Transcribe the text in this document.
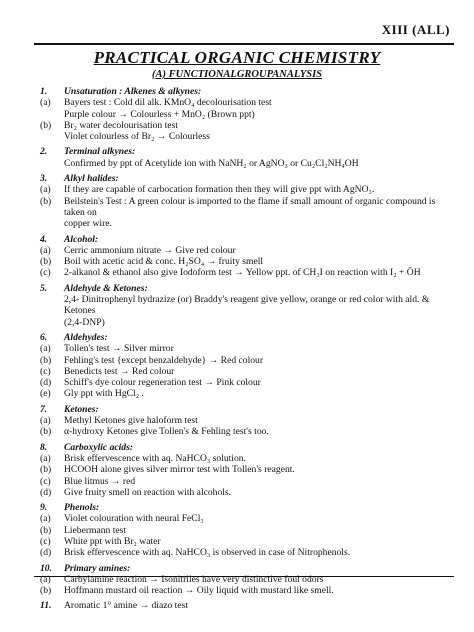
XIII (ALL)
PRACTICAL ORGANIC CHEMISTRY
(A) FUNCTIONALGROUPANALYSIS
1.	Unsaturation : Alkenes & alkynes:
(a)	Bayers test : Cold dil alk. KMnO₄ decolourisation test
Purple colour → Colourless + MnO₂ (Brown ppt)
(b)	Br₂ water decolourisation test
Violet colourless of Br₂ → Colourless
2.	Terminal alkynes:
Confirmed by ppt of Acetylide ion with NaNH₂ or AgNO₃ or Cu₂Cl₂NH₄OH
3.	Alkyl halides:
(a)	If they are capable of carbocation formation then they will give ppt with AgNO₃.
(b)	Beilstein's Test : A green colour is imported to the flame if small amount of organic compound is taken on
copper wire.
4.	Alcohol:
(a)	Cerric ammonium nitrate → Give red colour
(b)	Boil with acetic acid & conc. H₂SO₄ → fruity smell
(c)	2-alkanol & ethanol also give Iodoform test → Yellow ppt. of CH₃I on reaction with I₂ + ŌH
5.	Aldehyde & Ketones:
2,4- Dinitrophenyl hydrazize (or) Braddy's reagent give yellow, orange or red color with ald. & Ketones
(2,4-DNP)
6.	Aldehydes:
(a)	Tollen's test → Silver mirror
(b)	Fehling's test {except benzaldehyde} → Red colour
(c)	Benedicts test → Red colour
(d)	Schiff's dye colour regeneration test → Pink colour
(e)	Gly ppt with HgCl₂ .
7.	Ketones:
(a)	Methyl Ketones give haloform test
(b)	α-hydroxy Ketones give Tollen's & Fehling test's too.
8.	Carboxylic acids:
(a)	Brisk effervescence with aq. NaHCO₃ solution.
(b)	HCOOH alone gives silver mirror test with Tollen's reagent.
(c)	Blue litmus → red
(d)	Give fruity smell on reaction with alcohols.
9.	Phenols:
(a)	Violet colouration with neural FeCl₃
(b)	Liebermann test
(c)	White ppt with Br₂ water
(d)	Brisk effervescence with aq. NaHCO₃ is observed in case of Nitrophenols.
10.	Primary amines:
(a)	Carbylamine reaction → Isonitriles have very distinctive foul odors
(b)	Hoffmann mustard oil reaction → Oily liquid with mustard like smell.
11.	Aromatic 1° amine → diazo test
